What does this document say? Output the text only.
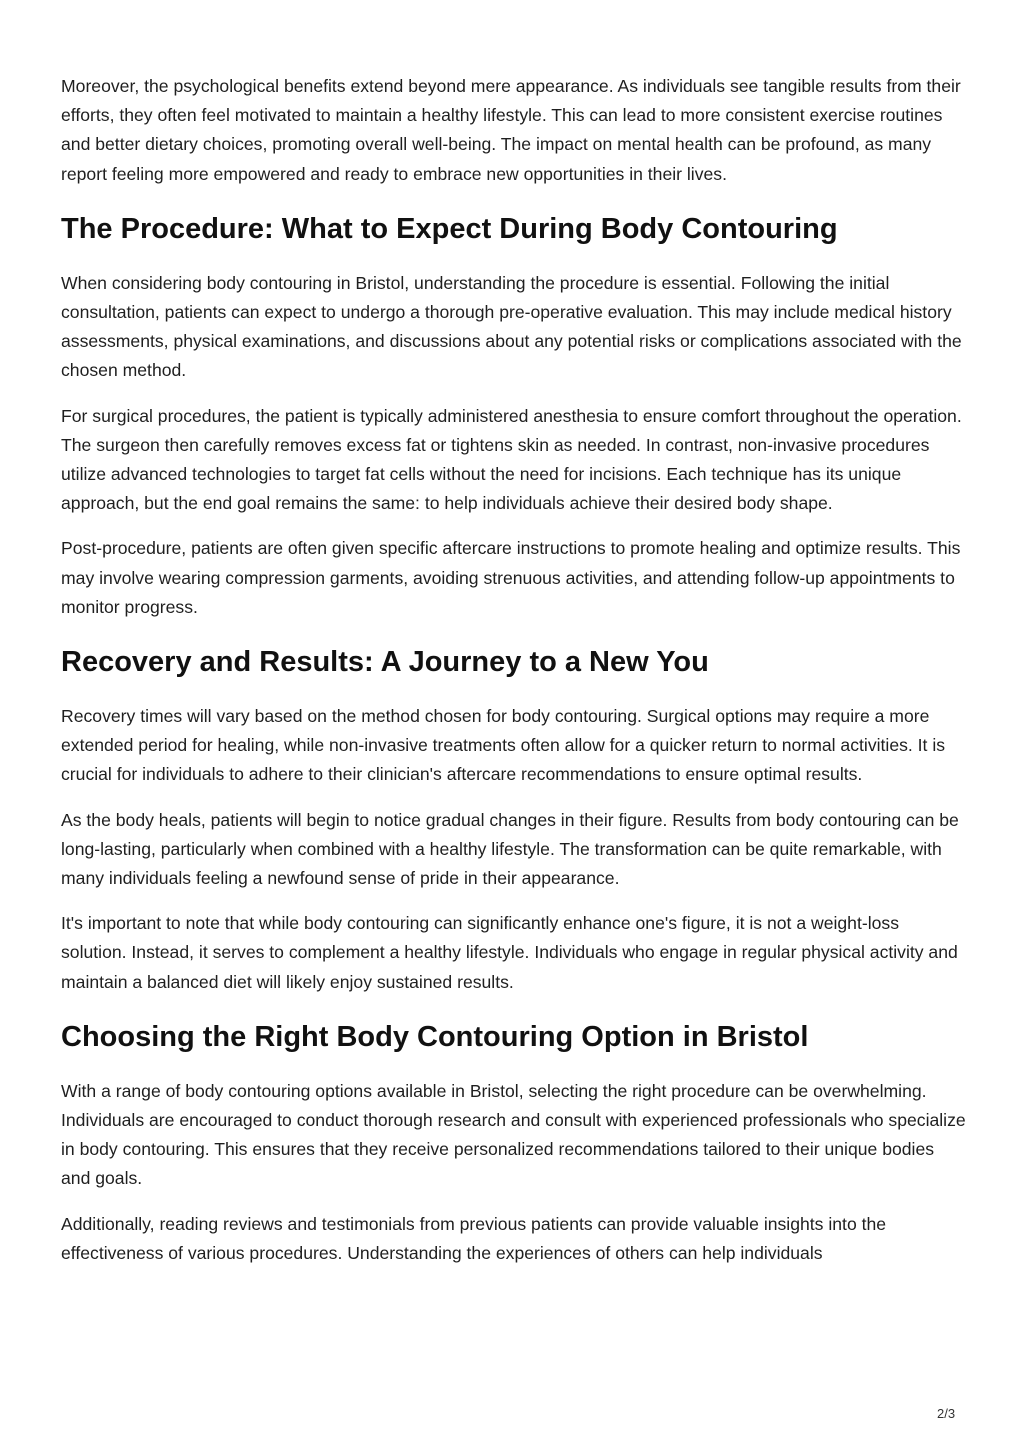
Moreover, the psychological benefits extend beyond mere appearance. As individuals see tangible results from their efforts, they often feel motivated to maintain a healthy lifestyle. This can lead to more consistent exercise routines and better dietary choices, promoting overall well-being. The impact on mental health can be profound, as many report feeling more empowered and ready to embrace new opportunities in their lives.

The Procedure: What to Expect During Body Contouring

When considering body contouring in Bristol, understanding the procedure is essential. Following the initial consultation, patients can expect to undergo a thorough pre-operative evaluation. This may include medical history assessments, physical examinations, and discussions about any potential risks or complications associated with the chosen method.

For surgical procedures, the patient is typically administered anesthesia to ensure comfort throughout the operation. The surgeon then carefully removes excess fat or tightens skin as needed. In contrast, non-invasive procedures utilize advanced technologies to target fat cells without the need for incisions. Each technique has its unique approach, but the end goal remains the same: to help individuals achieve their desired body shape.

Post-procedure, patients are often given specific aftercare instructions to promote healing and optimize results. This may involve wearing compression garments, avoiding strenuous activities, and attending follow-up appointments to monitor progress.

Recovery and Results: A Journey to a New You

Recovery times will vary based on the method chosen for body contouring. Surgical options may require a more extended period for healing, while non-invasive treatments often allow for a quicker return to normal activities. It is crucial for individuals to adhere to their clinician's aftercare recommendations to ensure optimal results.

As the body heals, patients will begin to notice gradual changes in their figure. Results from body contouring can be long-lasting, particularly when combined with a healthy lifestyle. The transformation can be quite remarkable, with many individuals feeling a newfound sense of pride in their appearance.

It's important to note that while body contouring can significantly enhance one's figure, it is not a weight-loss solution. Instead, it serves to complement a healthy lifestyle. Individuals who engage in regular physical activity and maintain a balanced diet will likely enjoy sustained results.

Choosing the Right Body Contouring Option in Bristol

With a range of body contouring options available in Bristol, selecting the right procedure can be overwhelming. Individuals are encouraged to conduct thorough research and consult with experienced professionals who specialize in body contouring. This ensures that they receive personalized recommendations tailored to their unique bodies and goals.

Additionally, reading reviews and testimonials from previous patients can provide valuable insights into the effectiveness of various procedures. Understanding the experiences of others can help individuals

2/3
